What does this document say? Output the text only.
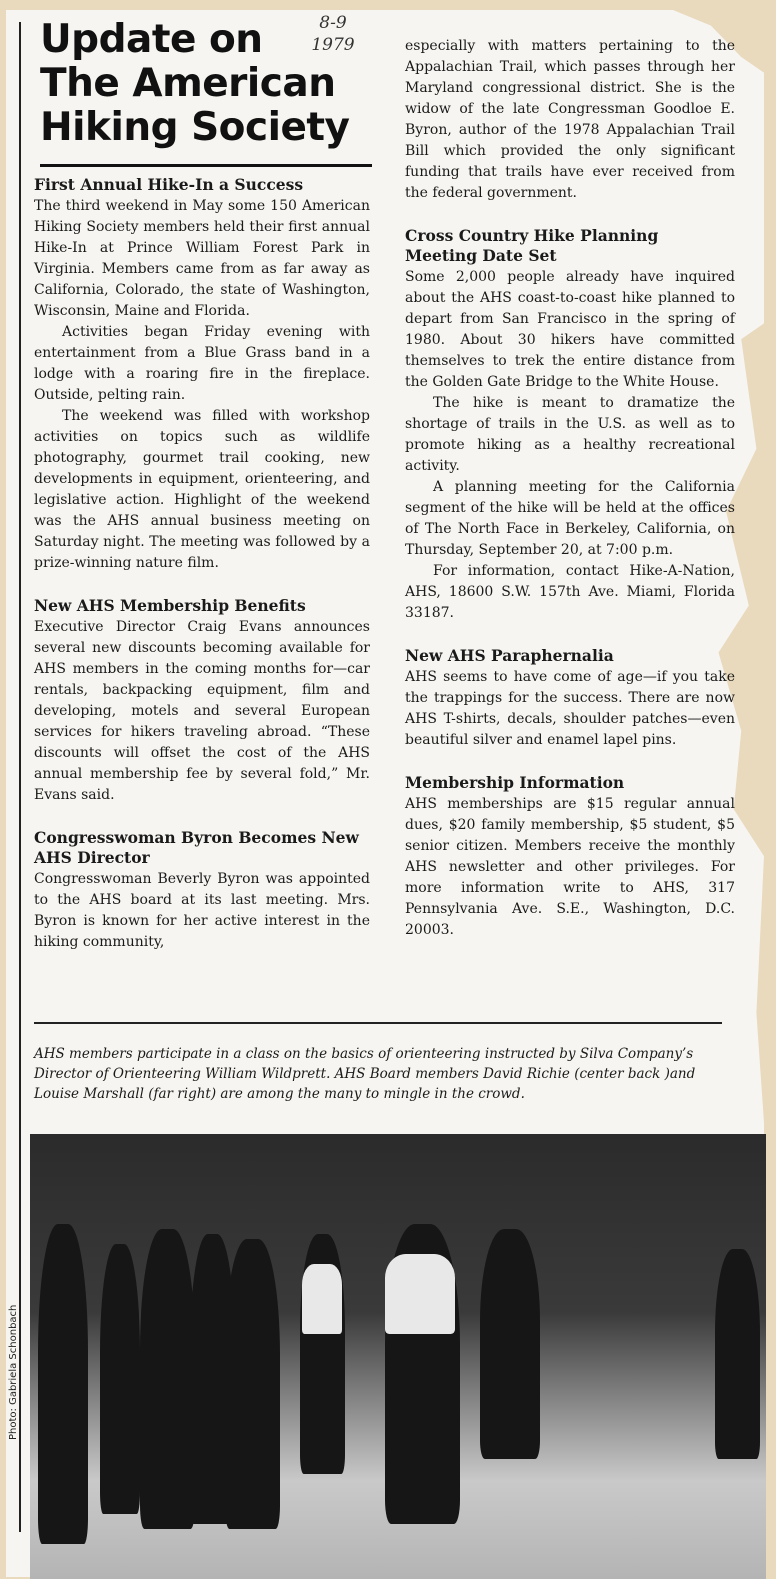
Update on
The American
Hiking Society
8-9
1979
First Annual Hike-In a Success

The third weekend in May some 150 American Hiking Society members held their first annual Hike-In at Prince William Forest Park in Virginia. Members came from as far away as California, Colorado, the state of Washington, Wisconsin, Maine and Florida.

Activities began Friday evening with entertainment from a Blue Grass band in a lodge with a roaring fire in the fireplace. Outside, pelting rain.

The weekend was filled with workshop activities on topics such as wildlife photography, gourmet trail cooking, new developments in equipment, orienteering, and legislative action. Highlight of the weekend was the AHS annual business meeting on Saturday night. The meeting was followed by a prize-winning nature film.

New AHS Membership Benefits

Executive Director Craig Evans announces several new discounts becoming available for AHS members in the coming months for—car rentals, backpacking equipment, film and developing, motels and several European services for hikers traveling abroad. “These discounts will offset the cost of the AHS annual membership fee by several fold,” Mr. Evans said.

Congresswoman Byron Becomes New AHS Director

Congresswoman Beverly Byron was appointed to the AHS board at its last meeting. Mrs. Byron is known for her active interest in the hiking community,

especially with matters pertaining to the Appalachian Trail, which passes through her Maryland congressional district. She is the widow of the late Congressman Goodloe E. Byron, author of the 1978 Appalachian Trail Bill which provided the only significant funding that trails have ever received from the federal government.

Cross Country Hike Planning Meeting Date Set

Some 2,000 people already have inquired about the AHS coast-to-coast hike planned to depart from San Francisco in the spring of 1980. About 30 hikers have committed themselves to trek the entire distance from the Golden Gate Bridge to the White House.

The hike is meant to dramatize the shortage of trails in the U.S. as well as to promote hiking as a healthy recreational activity.

A planning meeting for the California segment of the hike will be held at the offices of The North Face in Berkeley, California, on Thursday, September 20, at 7:00 p.m.

For information, contact Hike-A-Nation, AHS, 18600 S.W. 157th Ave. Miami, Florida 33187.

New AHS Paraphernalia

AHS seems to have come of age—if you take the trappings for the success. There are now AHS T-shirts, decals, shoulder patches—even beautiful silver and enamel lapel pins.

Membership Information

AHS memberships are $15 regular annual dues, $20 family membership, $5 student, $5 senior citizen. Members receive the monthly AHS newsletter and other privileges. For more information write to AHS, 317 Pennsylvania Ave. S.E., Washington, D.C. 20003.

AHS members participate in a class on the basics of orienteering instructed by Silva Company’s Director of Orienteering William Wildprett. AHS Board members David Richie (center back )and Louise Marshall (far right) are among the many to mingle in the crowd.
Photo: Gabriela Schonbach
